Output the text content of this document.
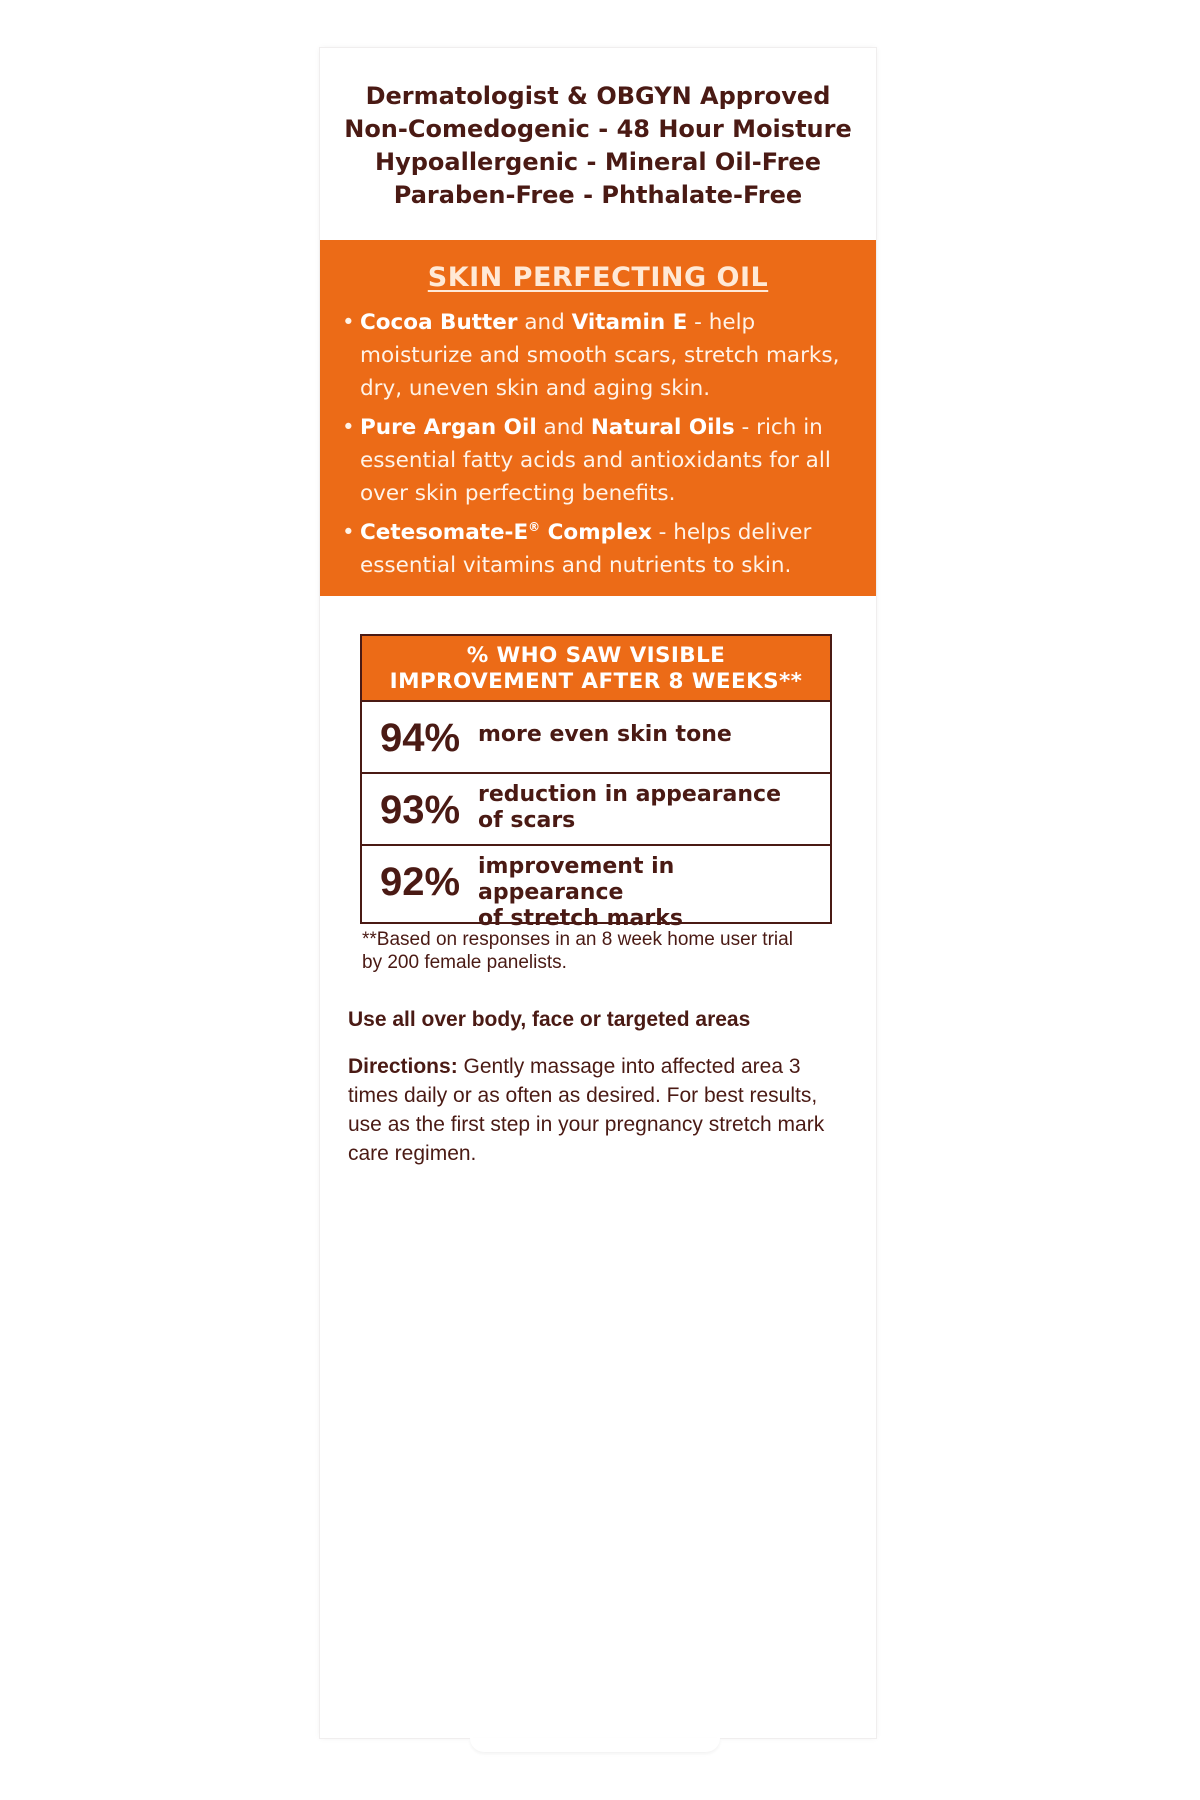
Dermatologist & OBGYN Approved
Non-Comedogenic - 48 Hour Moisture
Hypoallergenic - Mineral Oil-Free
Paraben-Free - Phthalate-Free
SKIN PERFECTING OIL
• Cocoa Butter and Vitamin E - help moisturize and smooth scars, stretch marks, dry, uneven skin and aging skin.
• Pure Argan Oil and Natural Oils - rich in essential fatty acids and antioxidants for all over skin perfecting benefits.
• Cetesomate-E® Complex - helps deliver essential vitamins and nutrients to skin.
% WHO SAW VISIBLE
IMPROVEMENT AFTER 8 WEEKS**
94% more even skin tone
93% reduction in appearance
of scars
92% improvement in appearance
of stretch marks
**Based on responses in an 8 week home user trial
by 200 female panelists.
Use all over body, face or targeted areas
Directions: Gently massage into affected area 3 times daily or as often as desired. For best results, use as the first step in your pregnancy stretch mark care regimen.
